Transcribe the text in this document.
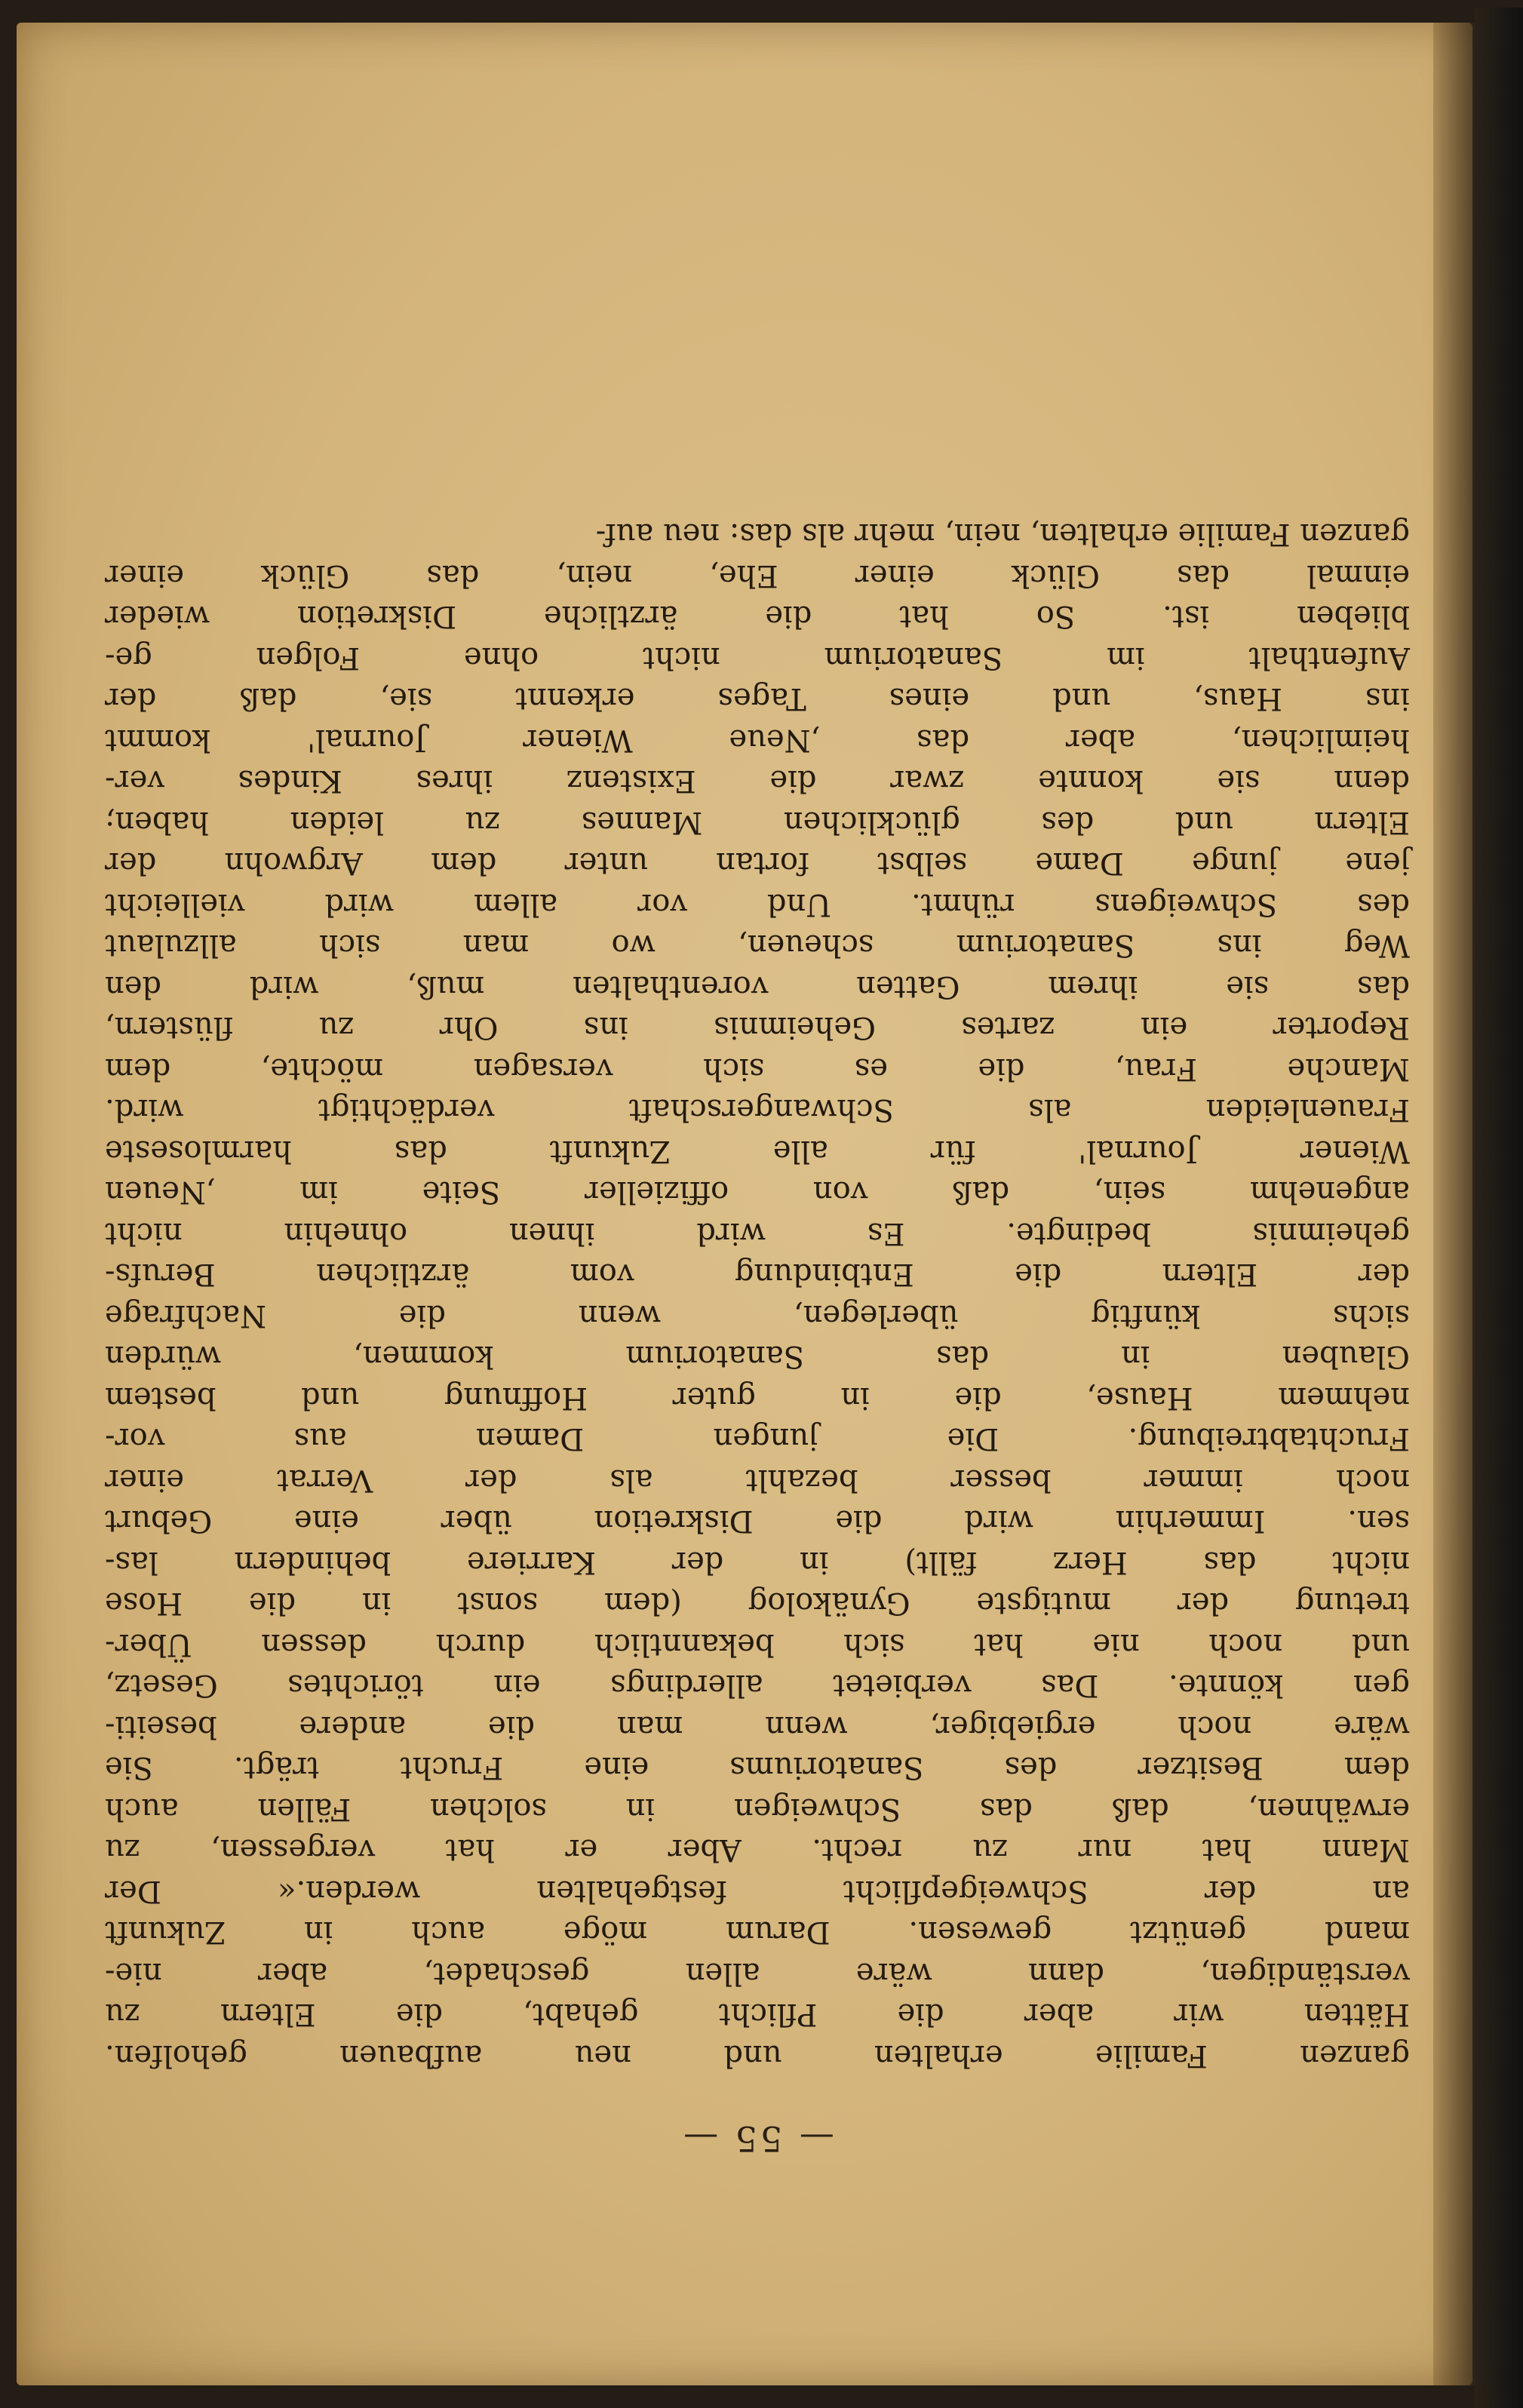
— 55 —
ganzen Familie erhalten und neu aufbauen geholfen.
Hätten wir aber die Pflicht gehabt, die Eltern zu
verständigen, dann wäre allen geschadet, aber nie-
mand genützt gewesen. Darum möge auch in Zukunft
an der Schweigepflicht festgehalten werden.« Der
Mann hat nur zu recht. Aber er hat vergessen, zu
erwähnen, daß das Schweigen in solchen Fällen auch
dem Besitzer des Sanatoriums eine Frucht trägt. Sie
wäre noch ergiebiger, wenn man die andere beseiti-
gen könnte. Das verbietet allerdings ein törichtes Gesetz,
und noch nie hat sich bekanntlich durch dessen Über-
tretung der mutigste Gynäkolog (dem sonst in die Hose
nicht das Herz fällt) in der Karriere behindern las-
sen. Immerhin wird die Diskretion über eine Geburt
noch immer besser bezahlt als der Verrat einer
Fruchtabtreibung. Die jungen Damen aus vor-
nehmem Hause, die in guter Hoffnung und bestem
Glauben in das Sanatorium kommen, würden
sichs künftig überlegen, wenn die Nachfrage
der Eltern die Entbindung vom ärztlichen Berufs-
geheimnis bedingte. Es wird ihnen ohnehin nicht
angenehm sein, daß von offizieller Seite im ‚Neuen
Wiener Journal' für alle Zukunft das harmloseste
Frauenleiden als Schwangerschaft verdächtigt wird.
Manche Frau, die es sich versagen möchte, dem
Reporter ein zartes Geheimnis ins Ohr zu flüstern,
das sie ihrem Gatten vorenthalten muß, wird den
Weg ins Sanatorium scheuen, wo man sich allzulaut
des Schweigens rühmt. Und vor allem wird vielleicht
jene junge Dame selbst fortan unter dem Argwohn der
Eltern und des glücklichen Mannes zu leiden haben;
denn sie konnte zwar die Existenz ihres Kindes ver-
heimlichen, aber das ‚Neue Wiener Journal' kommt
ins Haus, und eines Tages erkennt sie, daß der
Aufenthalt im Sanatorium nicht ohne Folgen ge-
blieben ist. So hat die ärztliche Diskretion wieder
einmal das Glück einer Ehe, nein, das Glück einer
ganzen Familie erhalten, nein, mehr als das: neu auf-
